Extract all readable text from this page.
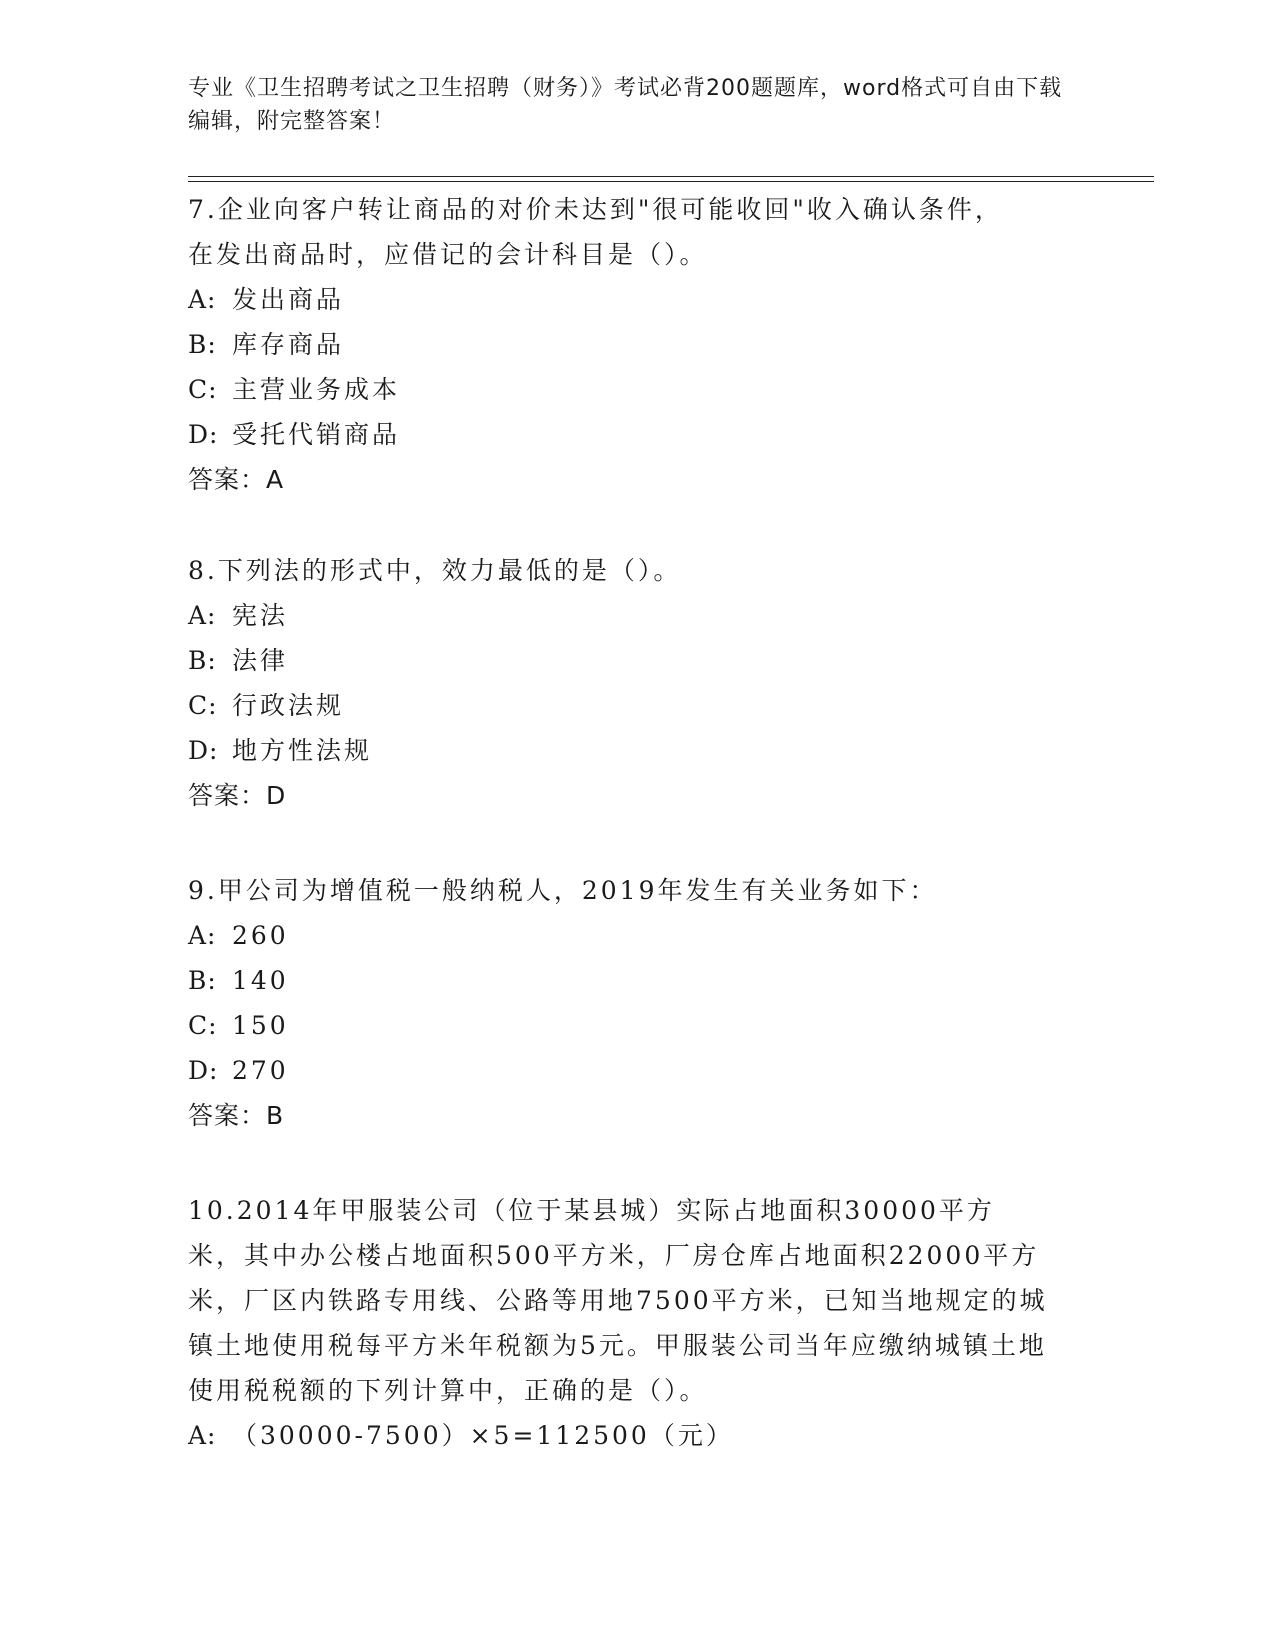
专业《卫生招聘考试之卫生招聘（财务）》考试必背200题题库，word格式可自由下载编辑，附完整答案！
7.企业向客户转让商品的对价未达到"很可能收回"收入确认条件，在发出商品时，应借记的会计科目是（）。
A: 发出商品
B: 库存商品
C: 主营业务成本
D: 受托代销商品
答案：A
8.下列法的形式中，效力最低的是（）。
A: 宪法
B: 法律
C: 行政法规
D: 地方性法规
答案：D
9.甲公司为增值税一般纳税人，2019年发生有关业务如下：
A: 260
B: 140
C: 150
D: 270
答案：B
10.2014年甲服装公司（位于某县城）实际占地面积30000平方米，其中办公楼占地面积500平方米，厂房仓库占地面积22000平方米，厂区内铁路专用线、公路等用地7500平方米，已知当地规定的城镇土地使用税每平方米年税额为5元。甲服装公司当年应缴纳城镇土地使用税税额的下列计算中，正确的是（）。
A: （30000-7500）×5=112500（元）
